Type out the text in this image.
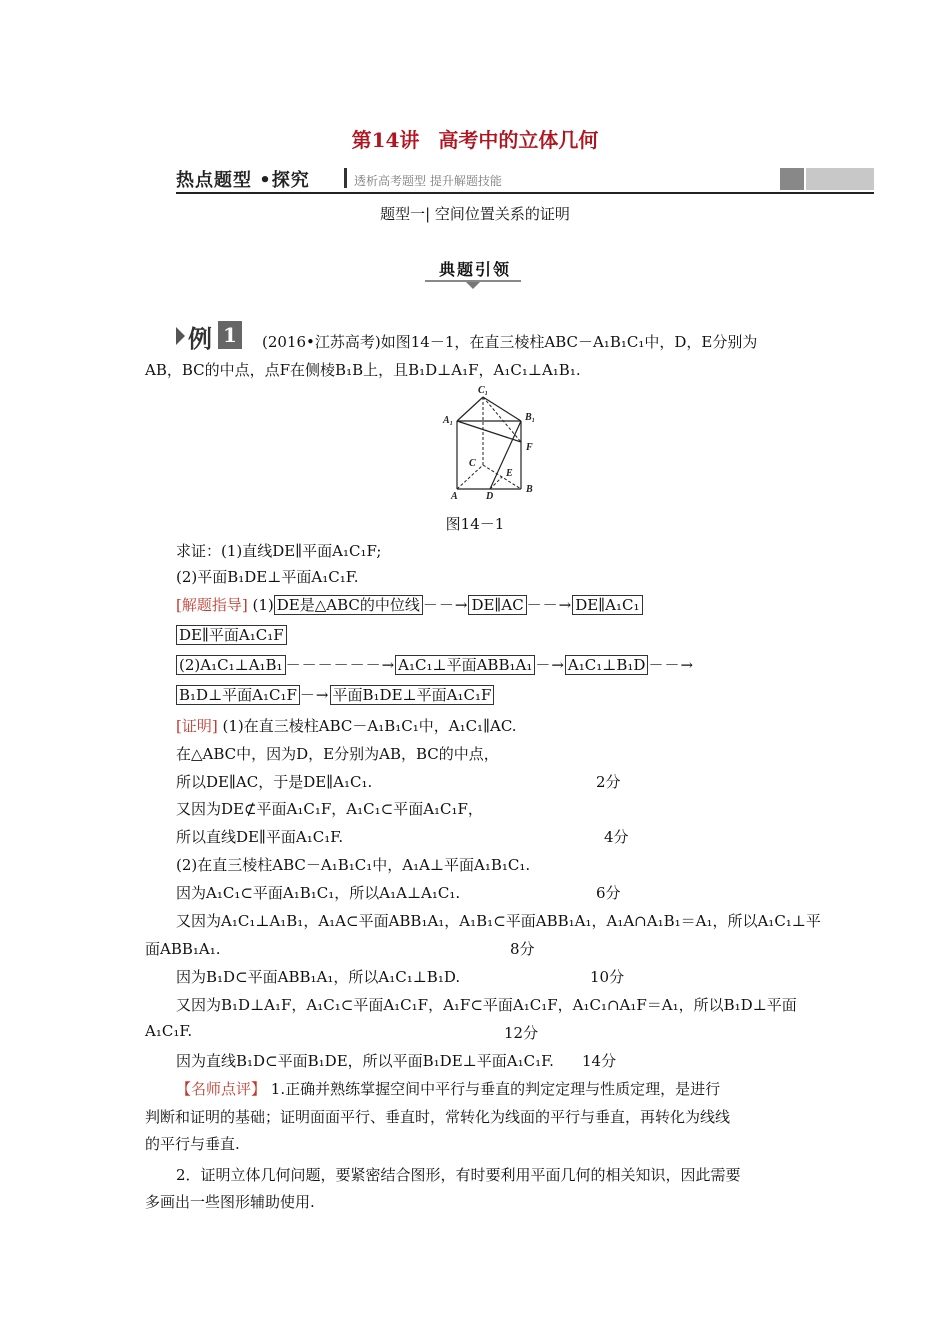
第14讲 高考中的立体几何
热点题型 •探究	透析高考题型 提升解题技能
题型一| 空间位置关系的证明
典题引领
例 1	(2016•江苏高考)如图14－1，在直三棱柱ABC－A₁B₁C₁中，D，E分别为
AB，BC的中点，点F在侧棱B₁B上，且B₁D⊥A₁F，A₁C₁⊥A₁B₁.
C₁
A₁	B₁
C
F
E
A	D
B
图14－1
求证：(1)直线DE∥平面A₁C₁F;
(2)平面B₁DE⊥平面A₁C₁F.
[解题指导] (1) DE是△ABC的中位线 －－→ DE∥AC －－→ DE∥A₁C₁
DE∥平面A₁C₁F
(2)A₁C₁⊥A₁B₁ －－－－－－→ A₁C₁⊥平面ABB₁A₁ －→ A₁C₁⊥B₁D －－→
B₁D⊥平面A₁C₁F －→ 平面B₁DE⊥平面A₁C₁F
[证明] (1)在直三棱柱ABC－A₁B₁C₁中，A₁C₁∥AC.
在△ABC中，因为D，E分别为AB，BC的中点，
所以DE∥AC，于是DE∥A₁C₁.	2分
又因为DE⊄平面A₁C₁F，A₁C₁⊂平面A₁C₁F，
所以直线DE∥平面A₁C₁F.	4分
(2)在直三棱柱ABC－A₁B₁C₁中，A₁A⊥平面A₁B₁C₁.
因为A₁C₁⊂平面A₁B₁C₁，所以A₁A⊥A₁C₁.	6分
又因为A₁C₁⊥A₁B₁，A₁A⊂平面ABB₁A₁，A₁B₁⊂平面ABB₁A₁，A₁A∩A₁B₁＝A₁，所以A₁C₁⊥平
面ABB₁A₁.	8分
因为B₁D⊂平面ABB₁A₁，所以A₁C₁⊥B₁D.	10分
又因为B₁D⊥A₁F，A₁C₁⊂平面A₁C₁F，A₁F⊂平面A₁C₁F，A₁C₁∩A₁F＝A₁，所以B₁D⊥平面
A₁C₁F.	12分
因为直线B₁D⊂平面B₁DE，所以平面B₁DE⊥平面A₁C₁F. 14分
【名师点评】 1.正确并熟练掌握空间中平行与垂直的判定定理与性质定理，是进行
判断和证明的基础；证明面面平行、垂直时，常转化为线面的平行与垂直，再转化为线线
的平行与垂直.
2．证明立体几何问题，要紧密结合图形，有时要利用平面几何的相关知识，因此需要
多画出一些图形辅助使用.
